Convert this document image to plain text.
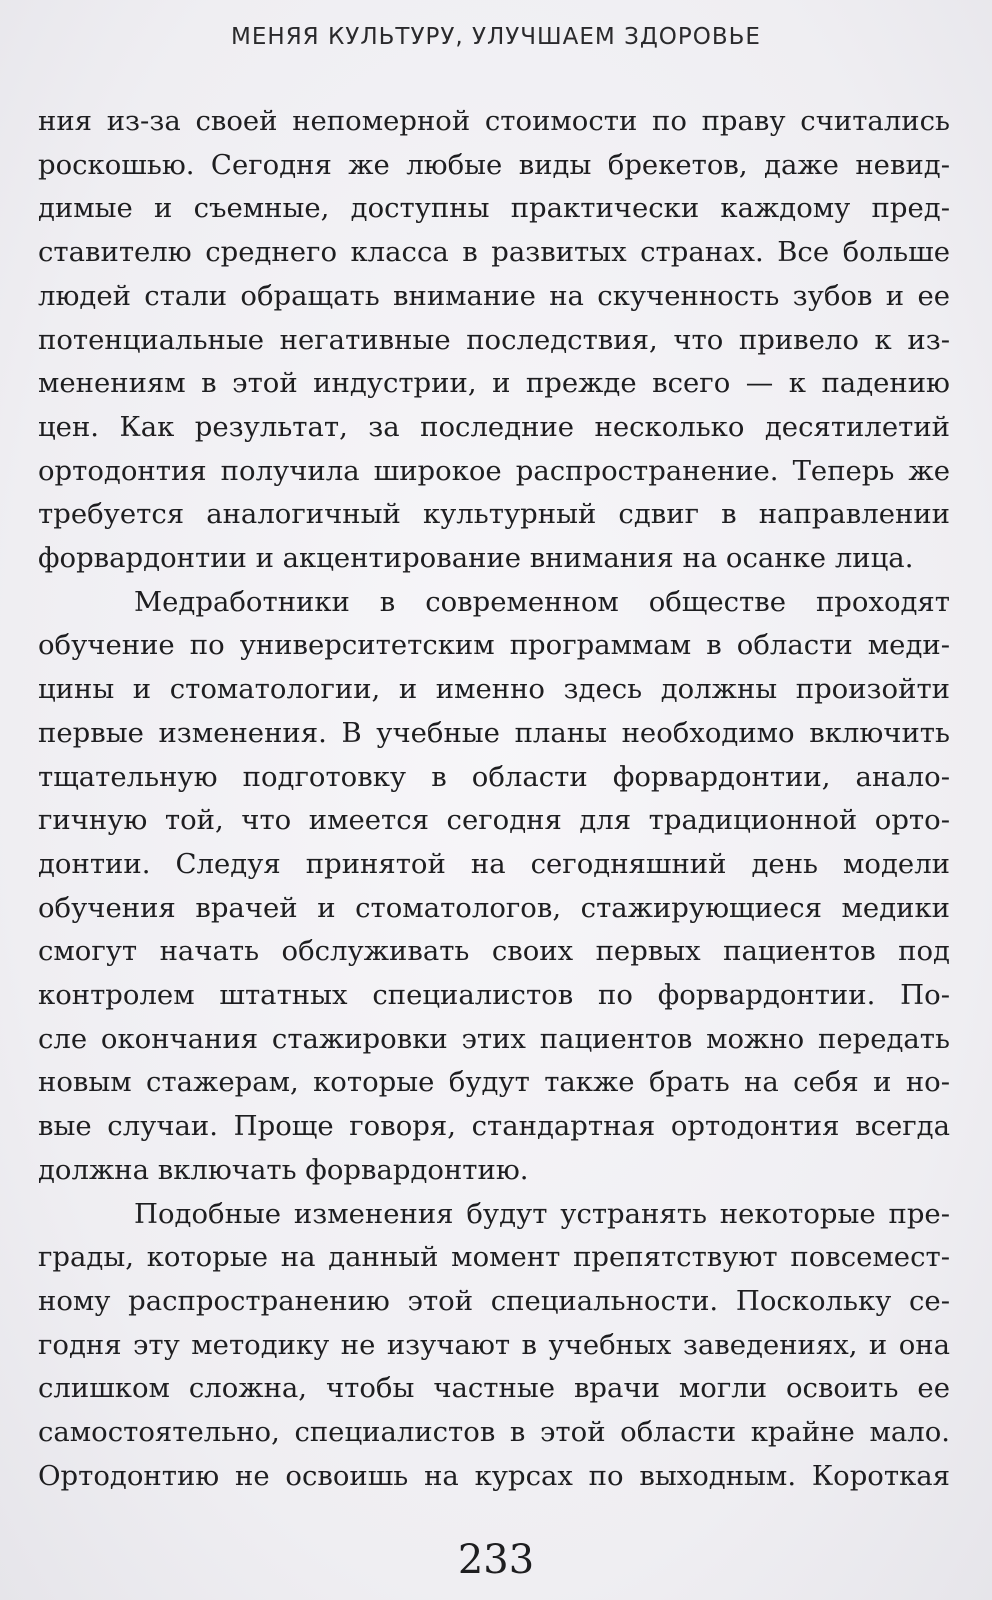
МЕНЯЯ КУЛЬТУРУ, УЛУЧШАЕМ ЗДОРОВЬЕ
ния из-за своей непомерной стоимости по праву считались
роскошью. Сегодня же любые виды брекетов, даже невид-
димые и съемные, доступны практически каждому пред-
ставителю среднего класса в развитых странах. Все больше
людей стали обращать внимание на скученность зубов и ее
потенциальные негативные последствия, что привело к из-
менениям в этой индустрии, и прежде всего — к падению
цен. Как результат, за последние несколько десятилетий
ортодонтия получила широкое распространение. Теперь же
требуется аналогичный культурный сдвиг в направлении
форвардонтии и акцентирование внимания на осанке лица.
Медработники в современном обществе проходят
обучение по университетским программам в области меди-
цины и стоматологии, и именно здесь должны произойти
первые изменения. В учебные планы необходимо включить
тщательную подготовку в области форвардонтии, анало-
гичную той, что имеется сегодня для традиционной орто-
донтии. Следуя принятой на сегодняшний день модели
обучения врачей и стоматологов, стажирующиеся медики
смогут начать обслуживать своих первых пациентов под
контролем штатных специалистов по форвардонтии. По-
сле окончания стажировки этих пациентов можно передать
новым стажерам, которые будут также брать на себя и но-
вые случаи. Проще говоря, стандартная ортодонтия всегда
должна включать форвардонтию.
Подобные изменения будут устранять некоторые пре-
грады, которые на данный момент препятствуют повсемест-
ному распространению этой специальности. Поскольку се-
годня эту методику не изучают в учебных заведениях, и она
слишком сложна, чтобы частные врачи могли освоить ее
самостоятельно, специалистов в этой области крайне мало.
Ортодонтию не освоишь на курсах по выходным. Короткая
233
